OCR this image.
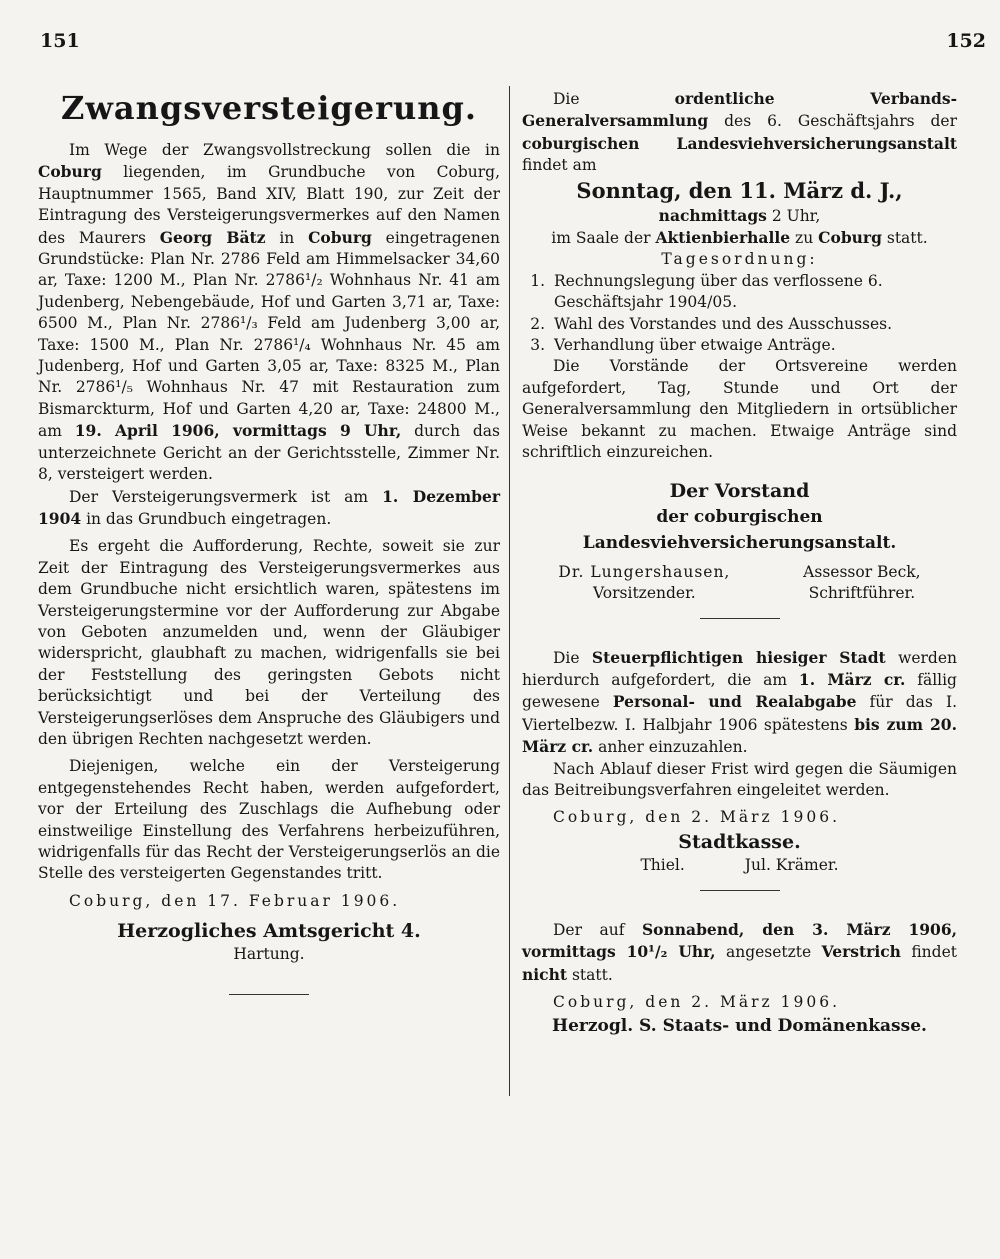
151	152
Zwangsversteigerung.

Im Wege der Zwangsvollstreckung sollen die in Coburg liegenden, im Grundbuche von Coburg, Hauptnummer 1565, Band XIV, Blatt 190, zur Zeit der Eintragung des Versteigerungsvermerkes auf den Namen des Maurers Georg Bätz in Coburg eingetragenen Grundstücke: Plan Nr. 2786 Feld am Himmelsacker 34,60 ar, Taxe: 1200 M., Plan Nr. 2786¹/₂ Wohnhaus Nr. 41 am Judenberg, Nebengebäude, Hof und Garten 3,71 ar, Taxe: 6500 M., Plan Nr. 2786¹/₃ Feld am Judenberg 3,00 ar, Taxe: 1500 M., Plan Nr. 2786¹/₄ Wohnhaus Nr. 45 am Judenberg, Hof und Garten 3,05 ar, Taxe: 8325 M., Plan Nr. 2786¹/₅ Wohnhaus Nr. 47 mit Restauration zum Bismarckturm, Hof und Garten 4,20 ar, Taxe: 24800 M., am 19. April 1906, vormittags 9 Uhr, durch das unterzeichnete Gericht an der Gerichtsstelle, Zimmer Nr. 8, versteigert werden.

Der Versteigerungsvermerk ist am 1. Dezember 1904 in das Grundbuch eingetragen.

Es ergeht die Aufforderung, Rechte, soweit sie zur Zeit der Eintragung des Versteigerungsvermerkes aus dem Grundbuche nicht ersichtlich waren, spätestens im Versteigerungstermine vor der Aufforderung zur Abgabe von Geboten anzumelden und, wenn der Gläubiger widerspricht, glaubhaft zu machen, widrigenfalls sie bei der Feststellung des geringsten Gebots nicht berücksichtigt und bei der Verteilung des Versteigerungserlöses dem Anspruche des Gläubigers und den übrigen Rechten nachgesetzt werden.

Diejenigen, welche ein der Versteigerung entgegenstehendes Recht haben, werden aufgefordert, vor der Erteilung des Zuschlags die Aufhebung oder einstweilige Einstellung des Verfahrens herbeizuführen, widrigenfalls für das Recht der Versteigerungserlös an die Stelle des versteigerten Gegenstandes tritt.

Coburg, den 17. Februar 1906.

Herzogliches Amtsgericht 4.

Hartung.

Die ordentliche Verbands-Generalversammlung des 6. Geschäftsjahrs der coburgischen Landesviehversicherungsanstalt findet am

Sonntag, den 11. März d. J.,

nachmittags 2 Uhr,

im Saale der Aktienbierhalle zu Coburg statt.

Tagesordnung:

1. Rechnungslegung über das verflossene 6. Geschäftsjahr 1904/05.
2. Wahl des Vorstandes und des Ausschusses.
3. Verhandlung über etwaige Anträge.

Die Vorstände der Ortsvereine werden aufgefordert, Tag, Stunde und Ort der Generalversammlung den Mitgliedern in ortsüblicher Weise bekannt zu machen. Etwaige Anträge sind schriftlich einzureichen.

Der Vorstand
der coburgischen Landesviehversicherungsanstalt.
Dr. Lungershausen,
Vorsitzender.
Assessor Beck,
Schriftführer.

Die Steuerpflichtigen hiesiger Stadt werden hierdurch aufgefordert, die am 1. März cr. fällig gewesene Personal- und Realabgabe für das I. Viertelbezw. I. Halbjahr 1906 spätestens bis zum 20. März cr. anher einzuzahlen.

Nach Ablauf dieser Frist wird gegen die Säumigen das Beitreibungsverfahren eingeleitet werden.

Coburg, den 2. März 1906.

Stadtkasse.
Thiel.	Jul. Krämer.

Der auf Sonnabend, den 3. März 1906, vormittags 10¹/₂ Uhr, angesetzte Verstrich findet nicht statt.

Coburg, den 2. März 1906.

Herzogl. S. Staats- und Domänenkasse.
